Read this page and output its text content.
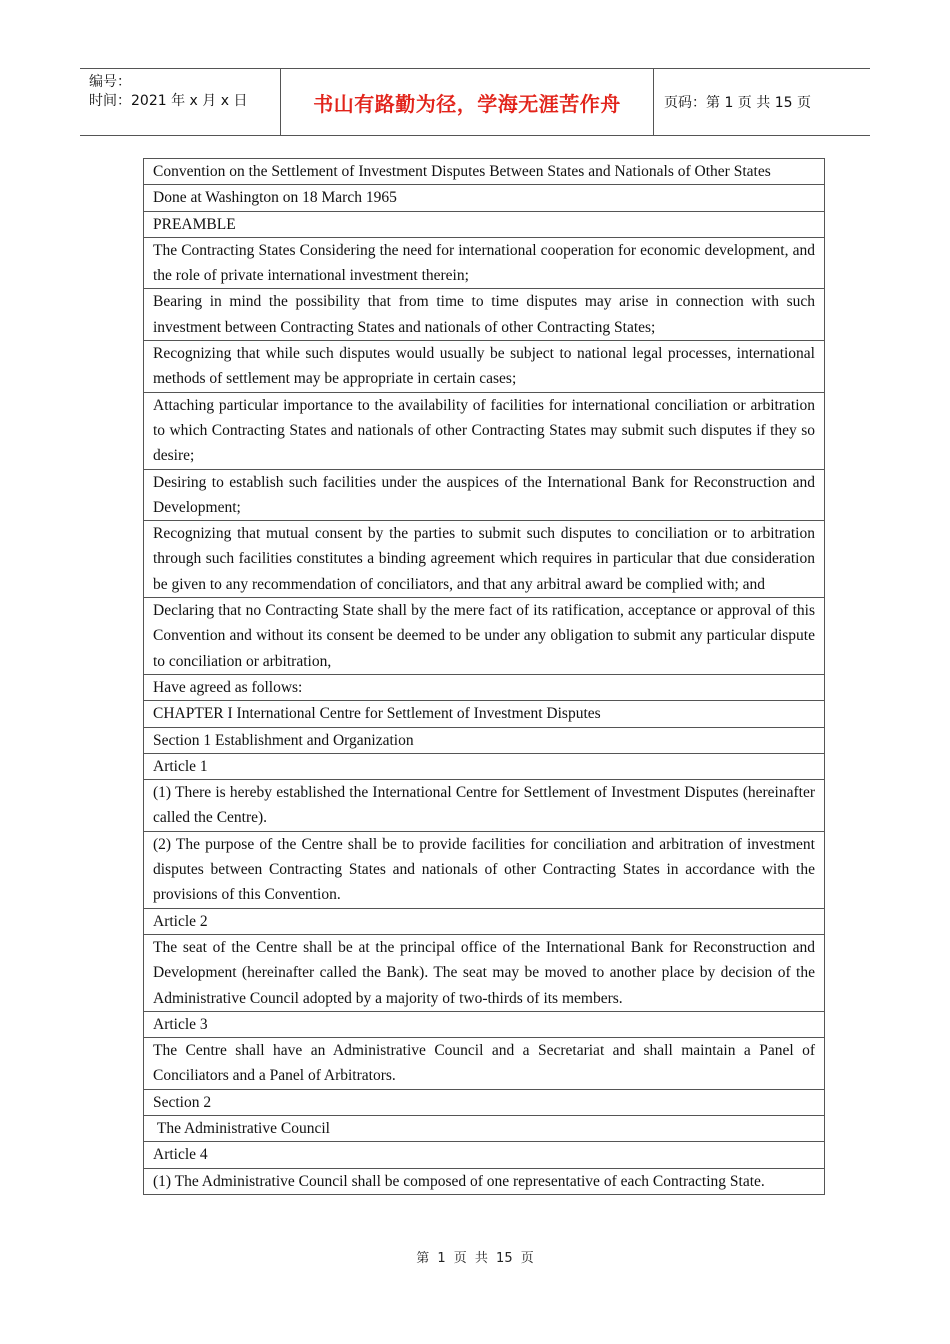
编号：
时间：2021 年 x 月 x 日	书山有路勤为径，学海无涯苦作舟	页码：第 1 页 共 15 页
Convention on the Settlement of Investment Disputes Between States and Nationals of Other States
Done at Washington on 18 March 1965
PREAMBLE
The Contracting States Considering the need for international cooperation for economic development, and the role of private international investment therein;
Bearing in mind the possibility that from time to time disputes may arise in connection with such investment between Contracting States and nationals of other Contracting States;
Recognizing that while such disputes would usually be subject to national legal processes, international methods of settlement may be appropriate in certain cases;
Attaching particular importance to the availability of facilities for international conciliation or arbitration to which Contracting States and nationals of other Contracting States may submit such disputes if they so desire;
Desiring to establish such facilities under the auspices of the International Bank for Reconstruction and Development;
Recognizing that mutual consent by the parties to submit such disputes to conciliation or to arbitration through such facilities constitutes a binding agreement which requires in particular that due consideration be given to any recommendation of conciliators, and that any arbitral award be complied with; and
Declaring that no Contracting State shall by the mere fact of its ratification, acceptance or approval of this Convention and without its consent be deemed to be under any obligation to submit any particular dispute to conciliation or arbitration,
Have agreed as follows:
CHAPTER I International Centre for Settlement of Investment Disputes
Section 1 Establishment and Organization
Article 1
(1) There is hereby established the International Centre for Settlement of Investment Disputes (hereinafter called the Centre).
(2) The purpose of the Centre shall be to provide facilities for conciliation and arbitration of investment disputes between Contracting States and nationals of other Contracting States in accordance with the provisions of this Convention.
Article 2
The seat of the Centre shall be at the principal office of the International Bank for Reconstruction and Development (hereinafter called the Bank). The seat may be moved to another place by decision of the Administrative Council adopted by a majority of two-thirds of its members.
Article 3
The Centre shall have an Administrative Council and a Secretariat and shall maintain a Panel of Conciliators and a Panel of Arbitrators.
Section 2
The Administrative Council
Article 4
(1) The Administrative Council shall be composed of one representative of each Contracting State.
第 1 页 共 15 页
